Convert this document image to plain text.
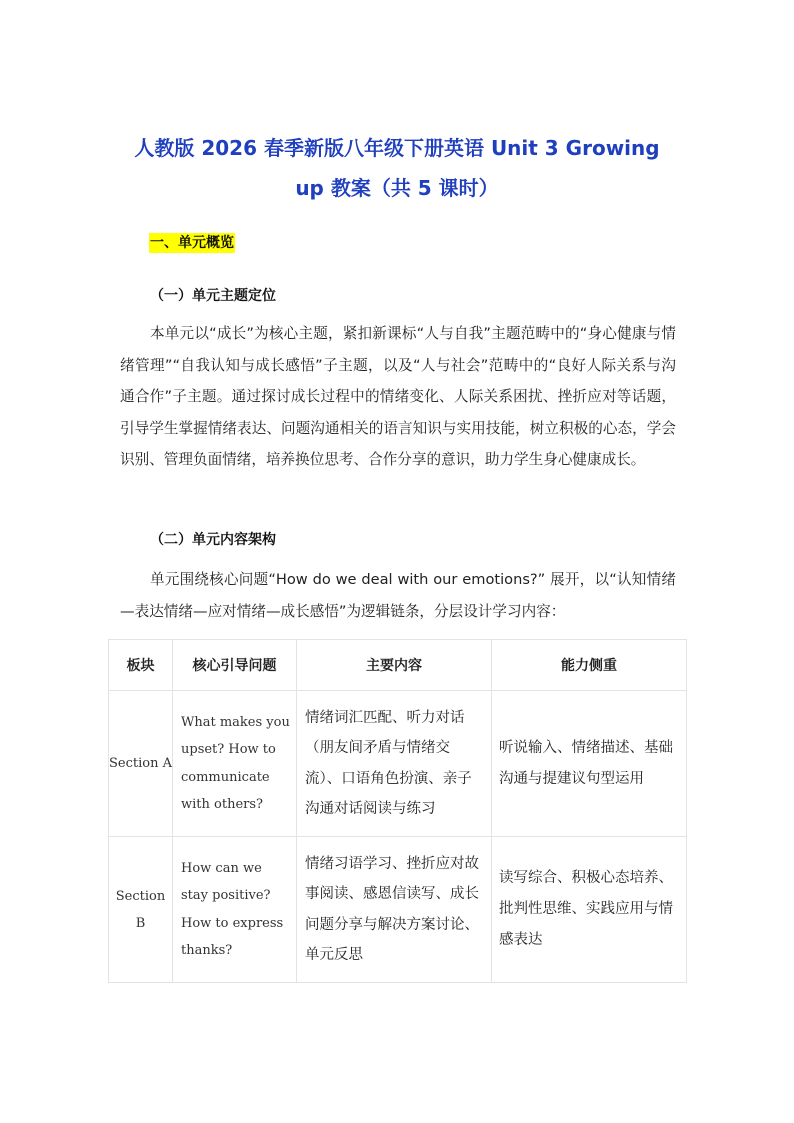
人教版 2026 春季新版八年级下册英语 Unit 3 Growing up 教案（共 5 课时）
一、单元概览
（一）单元主题定位

本单元以“成长”为核心主题，紧扣新课标“人与自我”主题范畴中的“身心健康与情绪管理”“自我认知与成长感悟”子主题，以及“人与社会”范畴中的“良好人际关系与沟通合作”子主题。通过探讨成长过程中的情绪变化、人际关系困扰、挫折应对等话题，引导学生掌握情绪表达、问题沟通相关的语言知识与实用技能，树立积极的心态，学会识别、管理负面情绪，培养换位思考、合作分享的意识，助力学生身心健康成长。

（二）单元内容架构

单元围绕核心问题“How do we deal with our emotions?” 展开，以“认知情绪—表达情绪—应对情绪—成长感悟”为逻辑链条，分层设计学习内容：

板块	核心引导问题	主要内容	能力侧重
Section A	What makes you upset? How to communicate with others?	情绪词汇匹配、听力对话（朋友间矛盾与情绪交流）、口语角色扮演、亲子沟通对话阅读与练习	听说输入、情绪描述、基础沟通与提建议句型运用
Section B	How can we stay positive? How to express thanks?	情绪习语学习、挫折应对故事阅读、感恩信读写、成长问题分享与解决方案讨论、单元反思	读写综合、积极心态培养、批判性思维、实践应用与情感表达
